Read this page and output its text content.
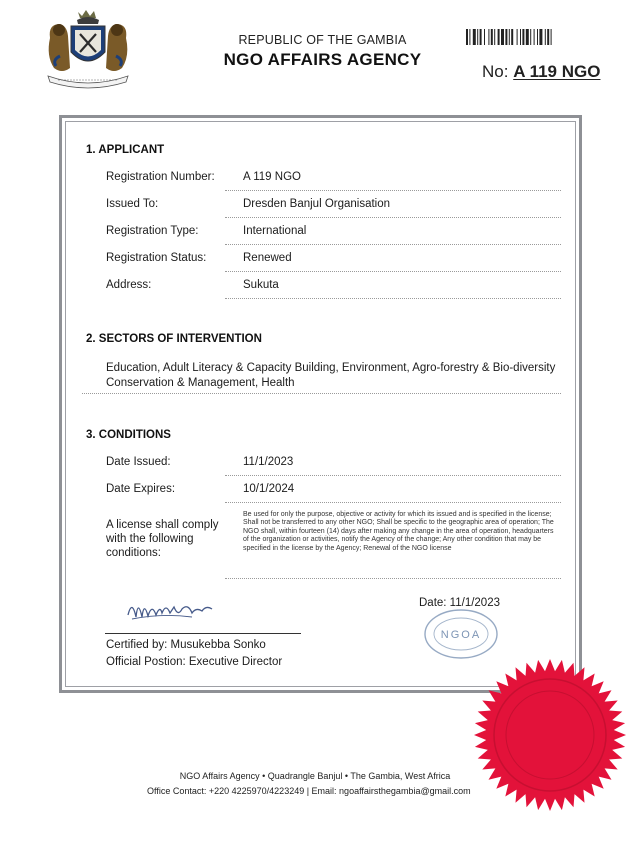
REPUBLIC OF THE GAMBIA
NGO AFFAIRS AGENCY
No: A 119 NGO
1. APPLICANT
Registration Number: A 119 NGO
Issued To:	Dresden Banjul Organisation
Registration Type:	International
Registration Status:	Renewed
Address:	Sukuta
2. SECTORS OF INTERVENTION
Education, Adult Literacy & Capacity Building, Environment, Agro-forestry & Bio-diversity Conservation & Management, Health
3. CONDITIONS
Date Issued:	11/1/2023
Date Expires:	10/1/2024
A license shall comply with the following conditions:
Be used for only the purpose, objective or activity for which its issued and is specified in the license; Shall not be transferred to any other NGO; Shall be specific to the geographic area of operation; The NGO shall, within fourteen (14) days after making any change in the area of operation, headquarters of the organization or activities, notify the Agency of the change; Any other condition that may be specified in the license by the Agency; Renewal of the NGO license
Certified by: Musukebba Sonko
Official Postion: Executive Director
Date: 11/1/2023
NGOA
NGO Affairs Agency • Quadrangle Banjul • The Gambia, West Africa
Office Contact: +220 4225970/4223249 | Email: ngoaffairsthegambia@gmail.com
